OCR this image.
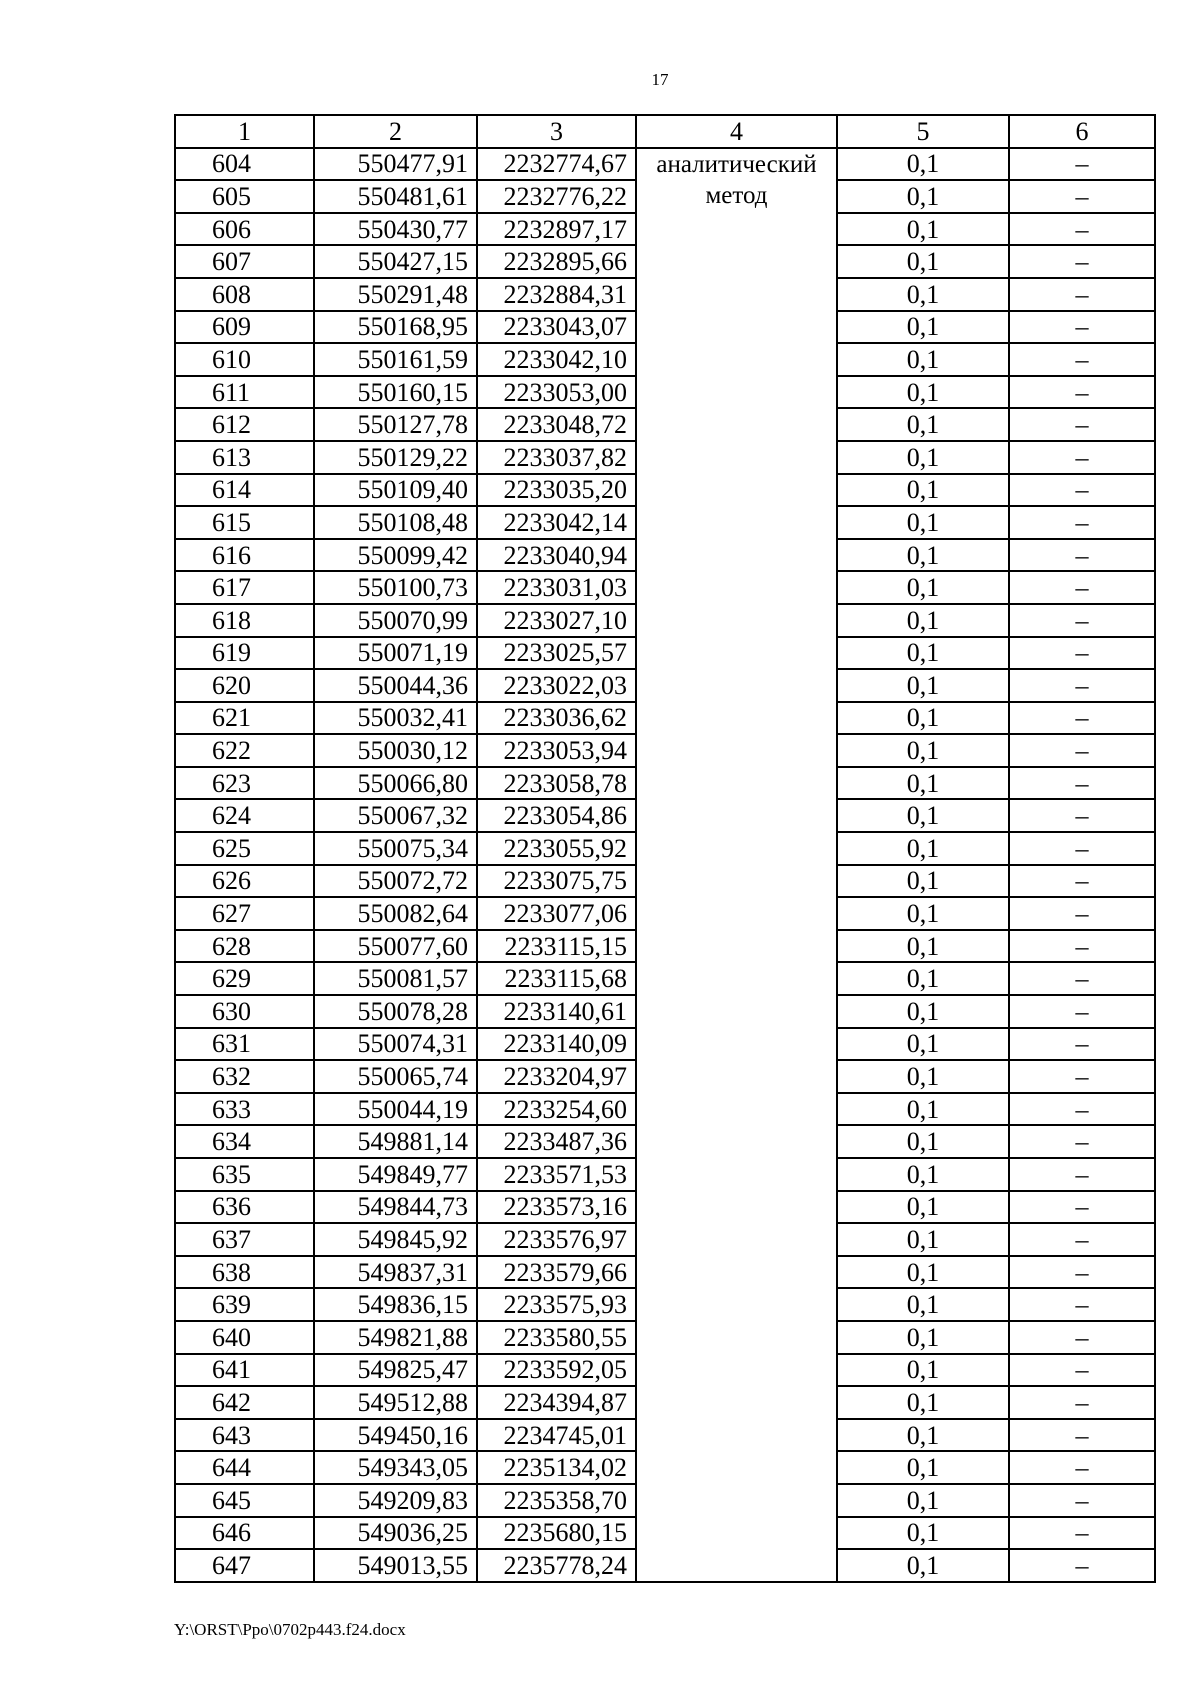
17
1	2	3	4	5	6
604	550477,91	2232774,67	аналитический метод	0,1	–
605	550481,61	2232776,22		0,1	–
606	550430,77	2232897,17		0,1	–
607	550427,15	2232895,66		0,1	–
608	550291,48	2232884,31		0,1	–
609	550168,95	2233043,07		0,1	–
610	550161,59	2233042,10		0,1	–
611	550160,15	2233053,00		0,1	–
612	550127,78	2233048,72		0,1	–
613	550129,22	2233037,82		0,1	–
614	550109,40	2233035,20		0,1	–
615	550108,48	2233042,14		0,1	–
616	550099,42	2233040,94		0,1	–
617	550100,73	2233031,03		0,1	–
618	550070,99	2233027,10		0,1	–
619	550071,19	2233025,57		0,1	–
620	550044,36	2233022,03		0,1	–
621	550032,41	2233036,62		0,1	–
622	550030,12	2233053,94		0,1	–
623	550066,80	2233058,78		0,1	–
624	550067,32	2233054,86		0,1	–
625	550075,34	2233055,92		0,1	–
626	550072,72	2233075,75		0,1	–
627	550082,64	2233077,06		0,1	–
628	550077,60	2233115,15		0,1	–
629	550081,57	2233115,68		0,1	–
630	550078,28	2233140,61		0,1	–
631	550074,31	2233140,09		0,1	–
632	550065,74	2233204,97		0,1	–
633	550044,19	2233254,60		0,1	–
634	549881,14	2233487,36		0,1	–
635	549849,77	2233571,53		0,1	–
636	549844,73	2233573,16		0,1	–
637	549845,92	2233576,97		0,1	–
638	549837,31	2233579,66		0,1	–
639	549836,15	2233575,93		0,1	–
640	549821,88	2233580,55		0,1	–
641	549825,47	2233592,05		0,1	–
642	549512,88	2234394,87		0,1	–
643	549450,16	2234745,01		0,1	–
644	549343,05	2235134,02		0,1	–
645	549209,83	2235358,70		0,1	–
646	549036,25	2235680,15		0,1	–
647	549013,55	2235778,24		0,1	–
Y:\ORST\Ppo\0702p443.f24.docx
